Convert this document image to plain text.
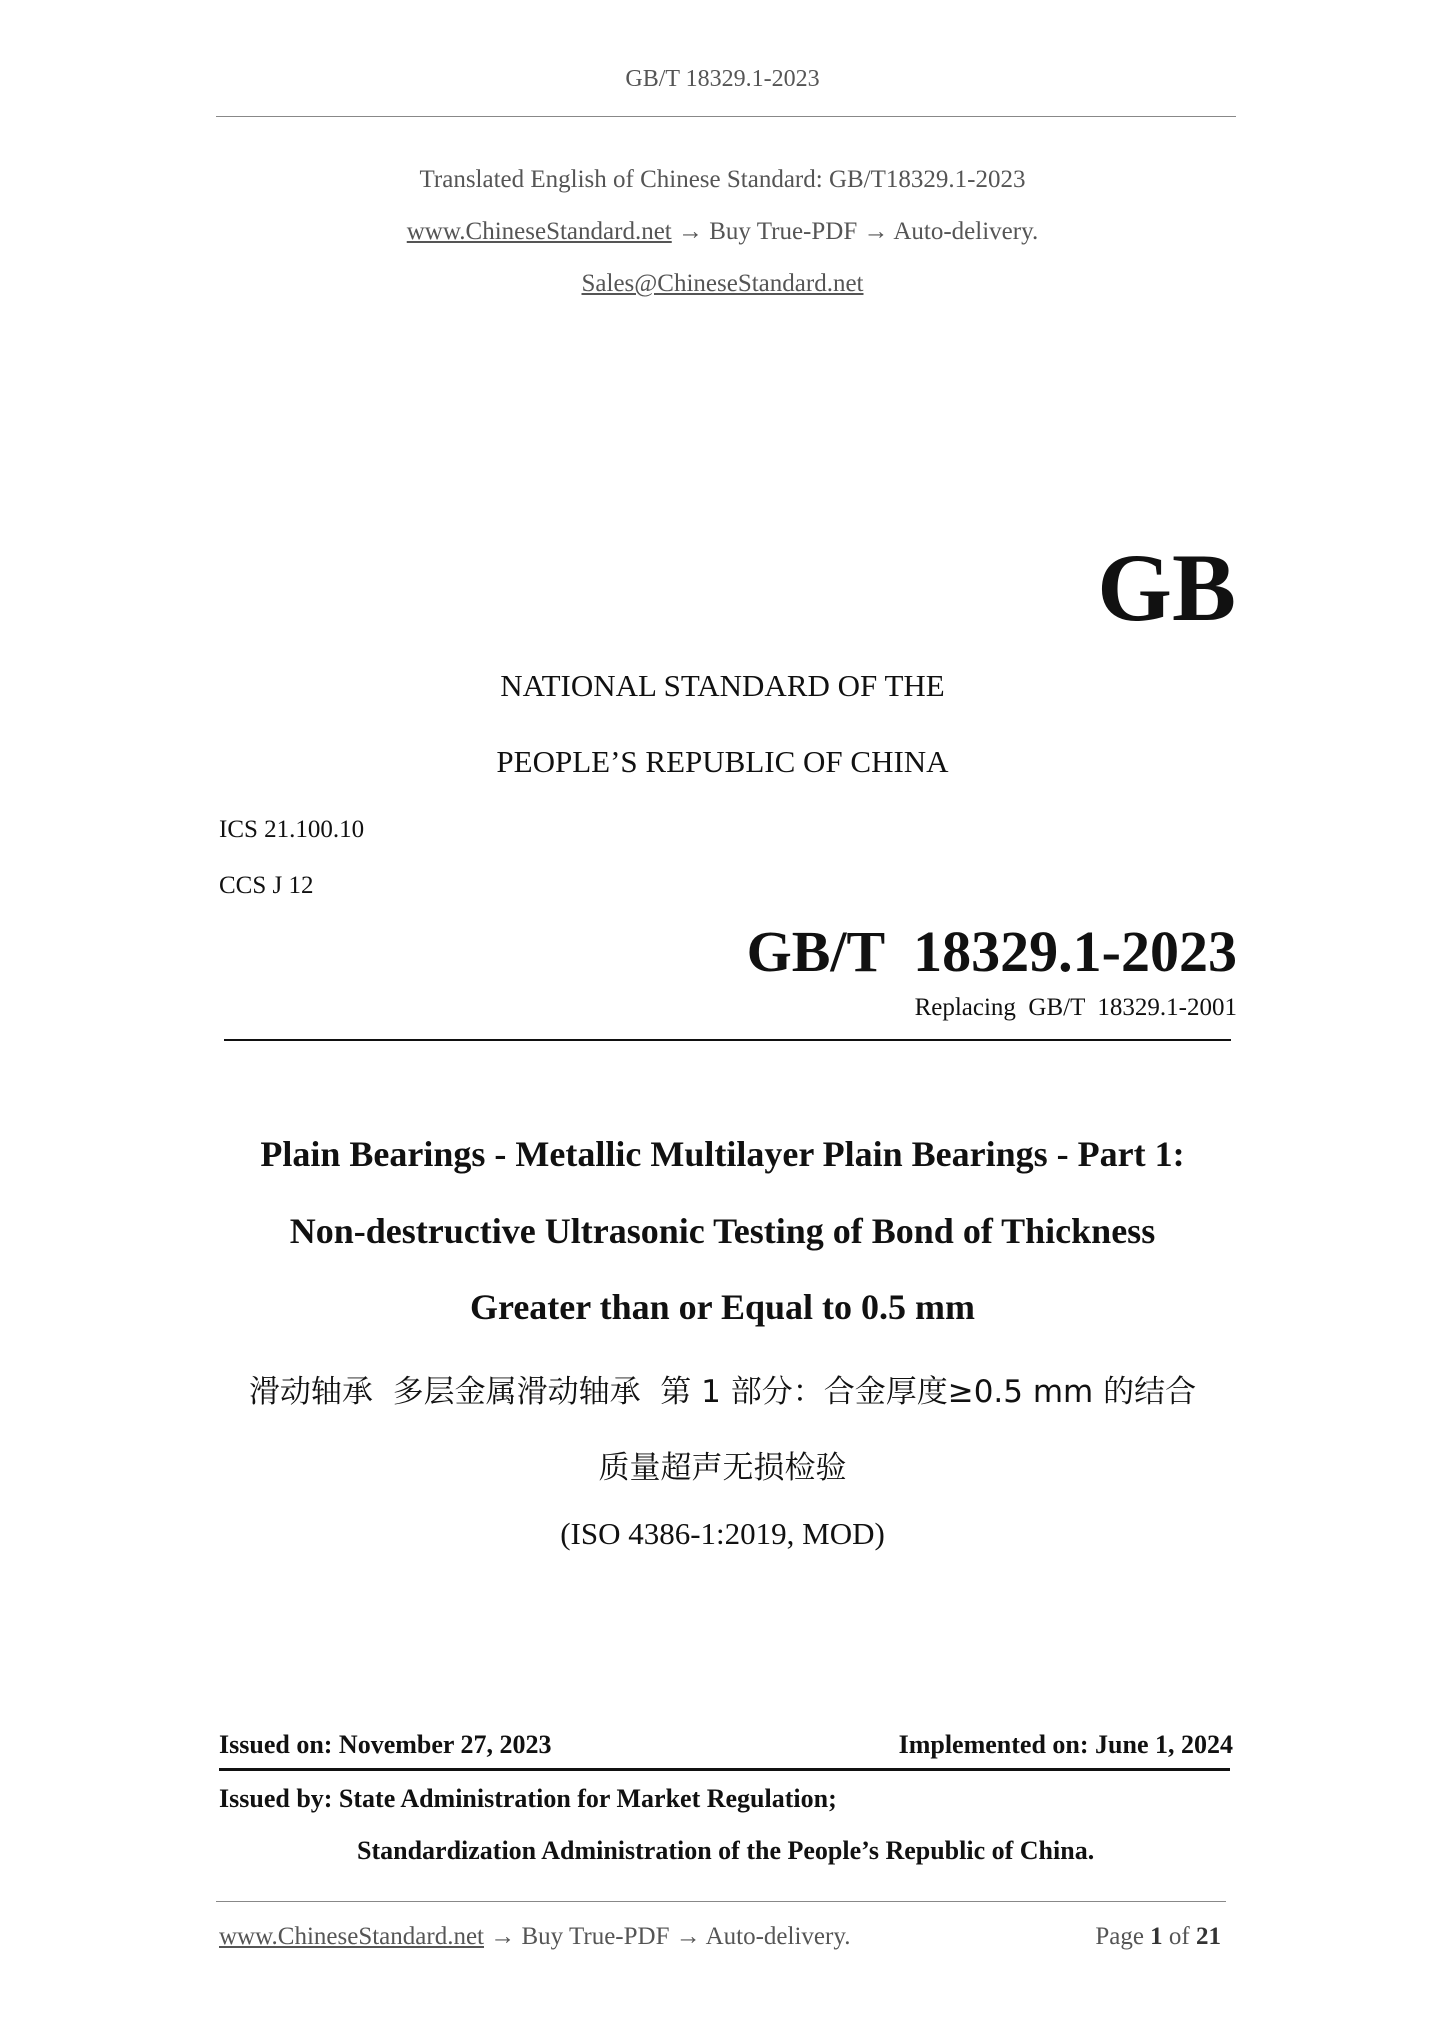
GB/T 18329.1-2023
Translated English of Chinese Standard: GB/T18329.1-2023
www.ChineseStandard.net → Buy True-PDF → Auto-delivery.
Sales@ChineseStandard.net
GB
NATIONAL STANDARD OF THE
PEOPLE’S REPUBLIC OF CHINA
ICS 21.100.10
CCS J 12
GB/T  18329.1-2023
Replacing  GB/T  18329.1-2001
Plain Bearings - Metallic Multilayer Plain Bearings - Part 1:
Non-destructive Ultrasonic Testing of Bond of Thickness
Greater than or Equal to 0.5 mm
滑动轴承  多层金属滑动轴承  第 1 部分：合金厚度≥0.5 mm 的结合
质量超声无损检验
(ISO 4386-1:2019, MOD)
Issued on: November 27, 2023	Implemented on: June 1, 2024
Issued by: State Administration for Market Regulation;
Standardization Administration of the People’s Republic of China.
www.ChineseStandard.net → Buy True-PDF → Auto-delivery.	Page 1 of 21
